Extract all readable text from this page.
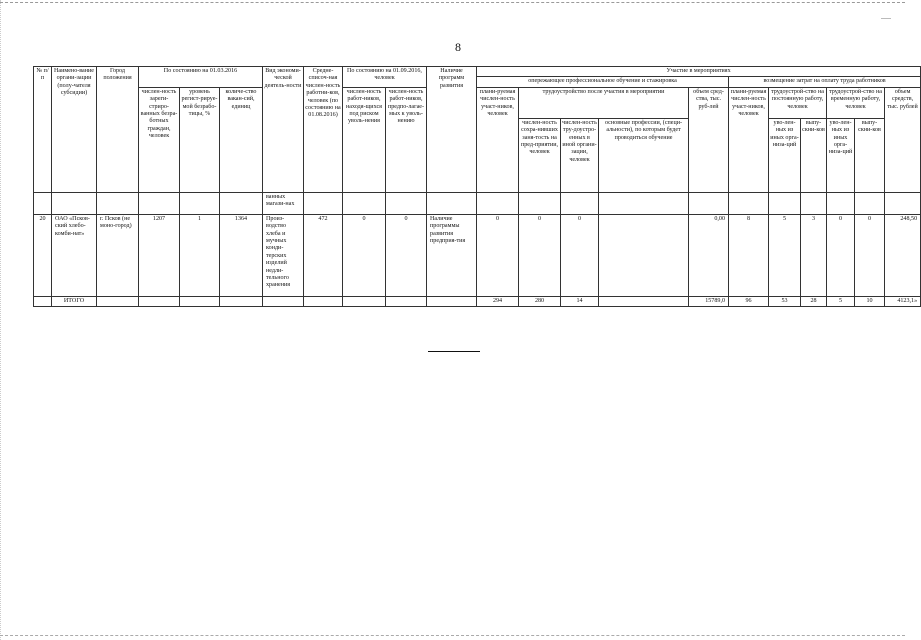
8
№ п/п	Наимено-вание органи-зации (полу-чателя субсидии)	Город положения	По состоянию на 01.03.2016			Вид экономи-ческой деятель-ности	Средне-списоч-ная числен-ность работни-ков, человек (по состоянию на 01.08.2016)	По состоянию на 01.09.2016, человек		Наличие программ развития	Участие в мероприятиях										
											опережающее профессиональное обучение и стажировка					возмещение затрат на оплату труда работников					
			числен-ность зареги-стриро-ванных безра-ботных граждан, человек	уровень регист-рируе-мой безрабо-тицы, %	количе-ство вакан-сий, единиц			числен-ность работ-ников, находя-щихся под риском уволь-нения	числен-ность работ-ников, предпо-лагае-мых к уволь-нению		плани-руемая числен-ность участ-ников, человек	трудоустройство после участия в мероприятии			объем сред-ства, тыс. руб-лей	плани-руемая числен-ность участ-ников, человек	трудоустрой-ство на постоянную работу, человек		трудоустрой-ство на временную работу, человек		объем средств, тыс. рублей
												числен-ность сохра-нивших заня-тость на пред-приятии, человек	числен-ность тру-доустро-енных в иной органи-зации, человек	основные профессии, (специ-альности), по которым будет проводиться обучение			уво-лен-ных из иных орга-низа-ций	выпу-скни-ков	уво-лен-ных из иных орга-низа-ций	выпу-скни-ков	
						ванных магази-нах															
20	ОАО «Псков-ский хлебо-комби-нат»	г. Псков (не моно-город)	1207	1	1364	Произ-водство хлеба и мучных конди-терских изделий недли-тельного хранения	472	0	0	Наличие программы развития предприя-тия	0	0	0		0,00	8	5	3	0	0	248,50
	ИТОГО										294	280	14		15789,0	96	53	28	5	10	4123,1»
